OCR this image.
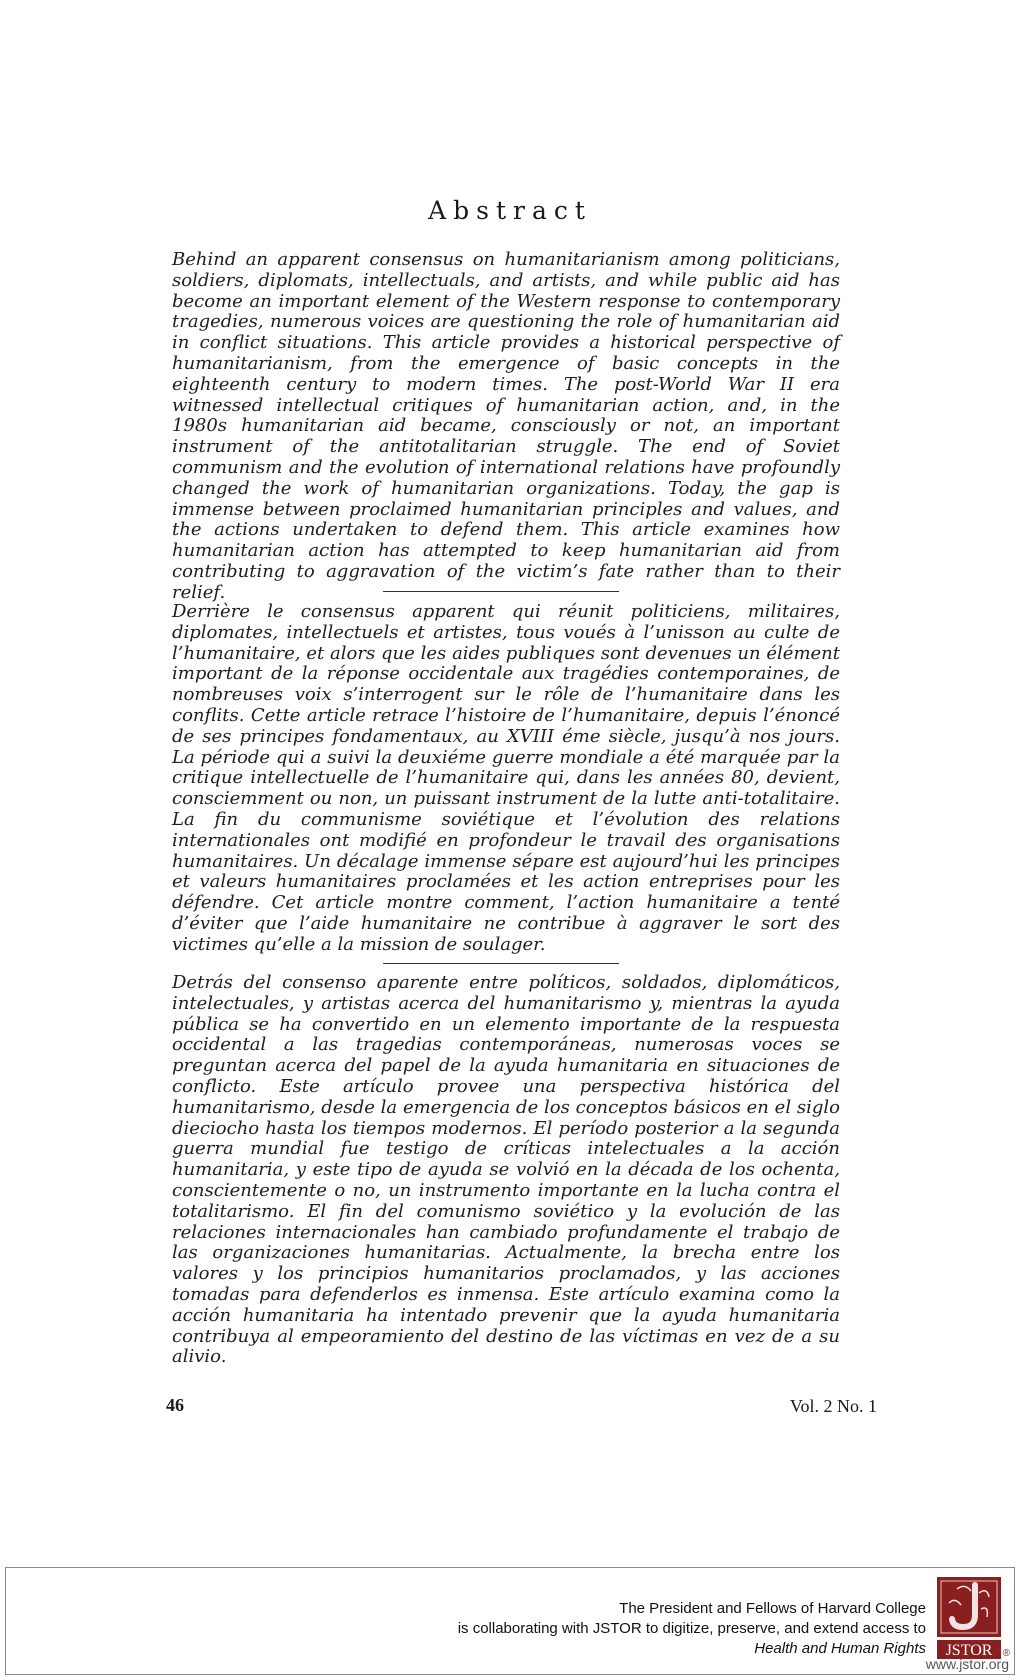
Abstract

Behind an apparent consensus on humanitarianism among politicians, soldiers, diplomats, intellectuals, and artists, and while public aid has become an important element of the Western response to contemporary tragedies, numerous voices are questioning the role of humanitarian aid in conflict situations. This article provides a historical perspective of humanitarianism, from the emergence of basic concepts in the eighteenth century to modern times. The post-World War II era witnessed intellectual critiques of humanitarian action, and, in the 1980s humanitarian aid became, consciously or not, an important instrument of the antitotalitarian struggle. The end of Soviet communism and the evolution of international relations have profoundly changed the work of humanitarian organizations. Today, the gap is immense between proclaimed humanitarian principles and values, and the actions undertaken to defend them. This article examines how humanitarian action has attempted to keep humanitarian aid from contributing to aggravation of the victim’s fate rather than to their relief.

Derrière le consensus apparent qui réunit politiciens, militaires, diplomates, intellectuels et artistes, tous voués à l’unisson au culte de l’humanitaire, et alors que les aides publiques sont devenues un élément important de la réponse occidentale aux tragédies contemporaines, de nombreuses voix s’interrogent sur le rôle de l’humanitaire dans les conflits. Cette article retrace l’histoire de l’humanitaire, depuis l’énoncé de ses principes fondamentaux, au XVIII éme siècle, jusqu’à nos jours. La période qui a suivi la deuxiéme guerre mondiale a été marquée par la critique intellectuelle de l’humanitaire qui, dans les années 80, devient, consciemment ou non, un puissant instrument de la lutte anti-totalitaire. La fin du communisme soviétique et l’évolution des relations internationales ont modifié en profondeur le travail des organisations humanitaires. Un décalage immense sépare est aujourd’hui les principes et valeurs humanitaires proclamées et les action entreprises pour les défendre. Cet article montre comment, l’action humanitaire a tenté d’éviter que l’aide humanitaire ne contribue à aggraver le sort des victimes qu’elle a la mission de soulager.

Detrás del consenso aparente entre políticos, soldados, diplomáticos, intelectuales, y artistas acerca del humanitarismo y, mientras la ayuda pública se ha convertido en un elemento importante de la respuesta occidental a las tragedias contemporáneas, numerosas voces se preguntan acerca del papel de la ayuda humanitaria en situaciones de conflicto. Este artículo provee una perspectiva histórica del humanitarismo, desde la emergencia de los conceptos básicos en el siglo dieciocho hasta los tiempos modernos. El período posterior a la segunda guerra mundial fue testigo de críticas intelectuales a la acción humanitaria, y este tipo de ayuda se volvió en la década de los ochenta, conscientemente o no, un instrumento importante en la lucha contra el totalitarismo. El fin del comunismo soviético y la evolución de las relaciones internacionales han cambiado profundamente el trabajo de las organizaciones humanitarias. Actualmente, la brecha entre los valores y los principios humanitarios proclamados, y las acciones tomadas para defenderlos es inmensa. Este artículo examina como la acción humanitaria ha intentado prevenir que la ayuda humanitaria contribuya al empeoramiento del destino de las víctimas en vez de a su alivio.

46	Vol. 2 No. 1
The President and Fellows of Harvard College
is collaborating with JSTOR to digitize, preserve, and extend access to
Health and Human Rights JSTOR ®
www.jstor.org
